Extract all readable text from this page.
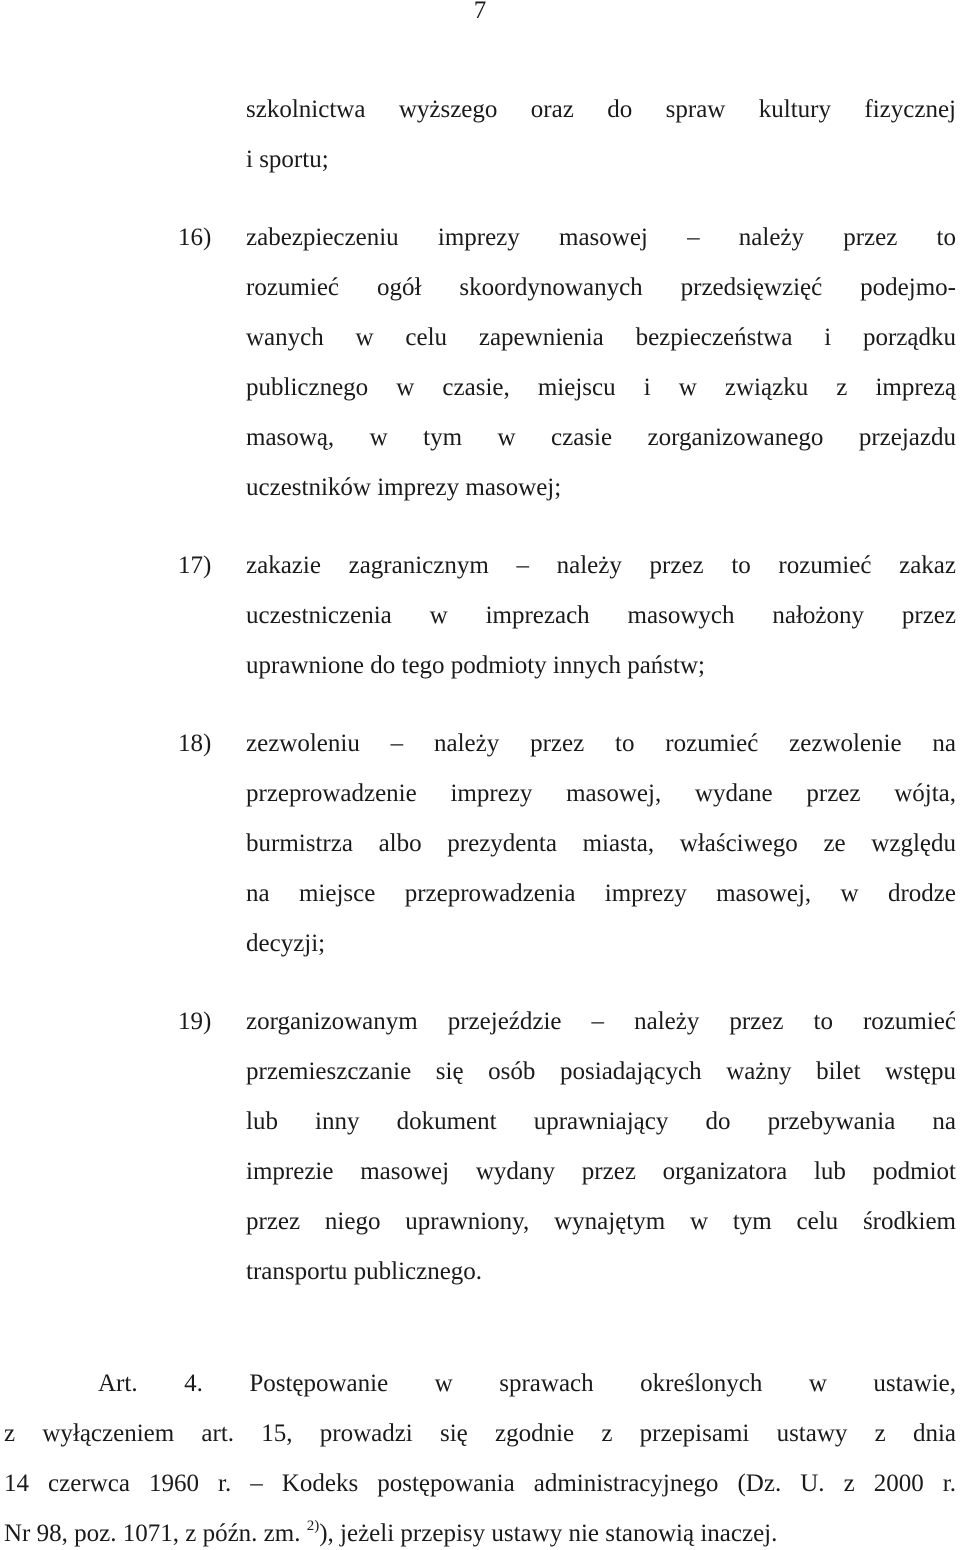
7
szkolnictwa wyższego oraz do spraw kultury fizycznej
i sportu;
16) zabezpieczeniu imprezy masowej – należy przez to
rozumieć ogół skoordynowanych przedsięwzięć podejmo-
wanych w celu zapewnienia bezpieczeństwa i porządku
publicznego w czasie, miejscu i w związku z imprezą
masową, w tym w czasie zorganizowanego przejazdu
uczestników imprezy masowej;
17) zakazie zagranicznym – należy przez to rozumieć zakaz
uczestniczenia w imprezach masowych nałożony przez
uprawnione do tego podmioty innych państw;
18) zezwoleniu – należy przez to rozumieć zezwolenie na
przeprowadzenie imprezy masowej, wydane przez wójta,
burmistrza albo prezydenta miasta, właściwego ze względu
na miejsce przeprowadzenia imprezy masowej, w drodze
decyzji;
19) zorganizowanym przejeździe – należy przez to rozumieć
przemieszczanie się osób posiadających ważny bilet wstępu
lub inny dokument uprawniający do przebywania na
imprezie masowej wydany przez organizatora lub podmiot
przez niego uprawniony, wynajętym w tym celu środkiem
transportu publicznego.
Art. 4. Postępowanie w sprawach określonych w ustawie,
z wyłączeniem art. 15, prowadzi się zgodnie z przepisami ustawy z dnia
14 czerwca 1960 r. – Kodeks postępowania administracyjnego (Dz. U. z 2000 r.
Nr 98, poz. 1071, z późn. zm. $^{2)}$), jeżeli przepisy ustawy nie stanowią inaczej.
